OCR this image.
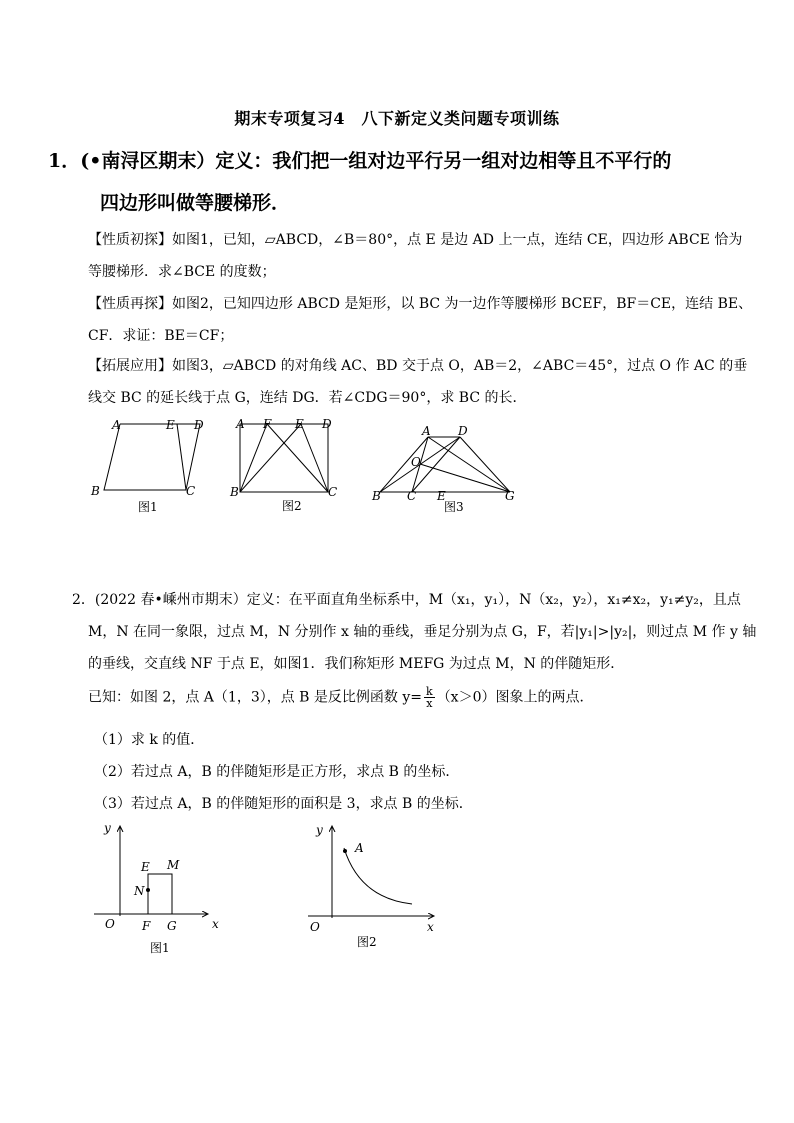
期末专项复习4　八下新定义类问题专项训练
1．(•南浔区期末）定义：我们把一组对边平行另一组对边相等且不平行的
四边形叫做等腰梯形．
【性质初探】如图1，已知，▱ABCD，∠B＝80°，点 E 是边 AD 上一点，连结 CE，四边形 ABCE 恰为
等腰梯形．求∠BCE 的度数；
【性质再探】如图2，已知四边形 ABCD 是矩形，以 BC 为一边作等腰梯形 BCEF，BF＝CE，连结 BE、
CF．求证：BE＝CF；
【拓展应用】如图3，▱ABCD 的对角线 AC、BD 交于点 O，AB＝2，∠ABC＝45°，过点 O 作 AC 的垂
线交 BC 的延长线于点 G，连结 DG．若∠CDG＝90°，求 BC 的长．
A	E D
B	C
图1
A F E D
B	C
图2
A D
O
B C E	G
图3
2．(2022 春•嵊州市期末）定义：在平面直角坐标系中，M（x₁，y₁），N（x₂，y₂），x₁≠x₂，y₁≠y₂，且点
M，N 在同一象限，过点 M，N 分别作 x 轴的垂线，垂足分别为点 G，F，若|y₁|>|y₂|，则过点 M 作 y 轴
的垂线，交直线 NF 于点 E，如图1．我们称矩形 MEFG 为过点 M，N 的伴随矩形．
已知：如图 2，点 A（1，3），点 B 是反比例函数 $y= \frac{k}{x} (x>0)$图象上的两点．
（1）求 k 的值．
（2）若过点 A，B 的伴随矩形是正方形，求点 B 的坐标．
（3）若过点 A，B 的伴随矩形的面积是 3，求点 B 的坐标．
y
x
O
E M
N
F G
图1
y
x
O
A
图2
